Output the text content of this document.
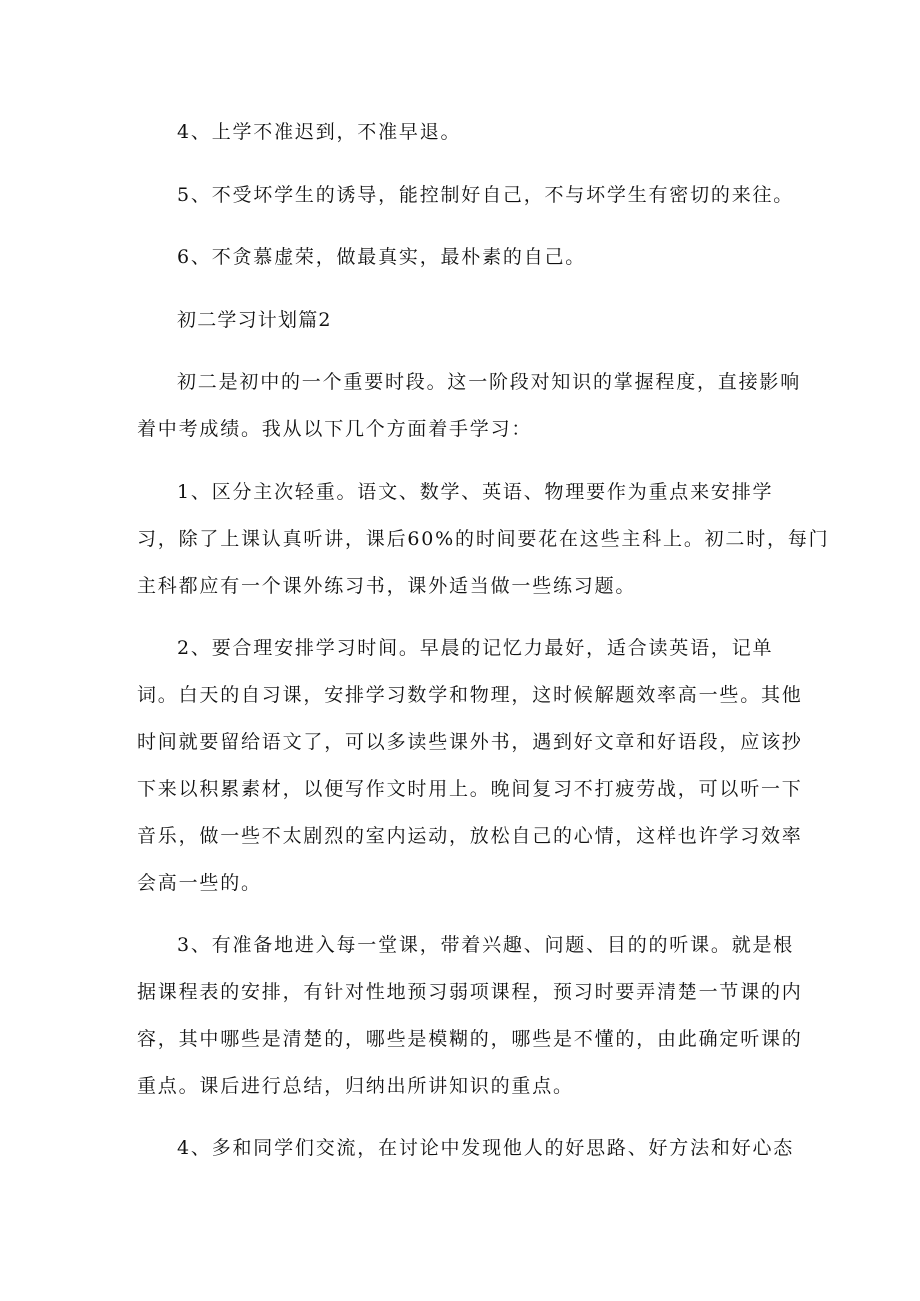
4、上学不准迟到，不准早退。
5、不受坏学生的诱导，能控制好自己，不与坏学生有密切的来往。
6、不贪慕虚荣，做最真实，最朴素的自己。
初二学习计划篇2
初二是初中的一个重要时段。这一阶段对知识的掌握程度，直接影响
着中考成绩。我从以下几个方面着手学习：
1、区分主次轻重。语文、数学、英语、物理要作为重点来安排学
习，除了上课认真听讲，课后60%的时间要花在这些主科上。初二时，每门
主科都应有一个课外练习书，课外适当做一些练习题。
2、要合理安排学习时间。早晨的记忆力最好，适合读英语，记单
词。白天的自习课，安排学习数学和物理，这时候解题效率高一些。其他
时间就要留给语文了，可以多读些课外书，遇到好文章和好语段，应该抄
下来以积累素材，以便写作文时用上。晚间复习不打疲劳战，可以听一下
音乐，做一些不太剧烈的室内运动，放松自己的心情，这样也许学习效率
会高一些的。
3、有准备地进入每一堂课，带着兴趣、问题、目的的听课。就是根
据课程表的安排，有针对性地预习弱项课程，预习时要弄清楚一节课的内
容，其中哪些是清楚的，哪些是模糊的，哪些是不懂的，由此确定听课的
重点。课后进行总结，归纳出所讲知识的重点。
4、多和同学们交流，在讨论中发现他人的好思路、好方法和好心态
